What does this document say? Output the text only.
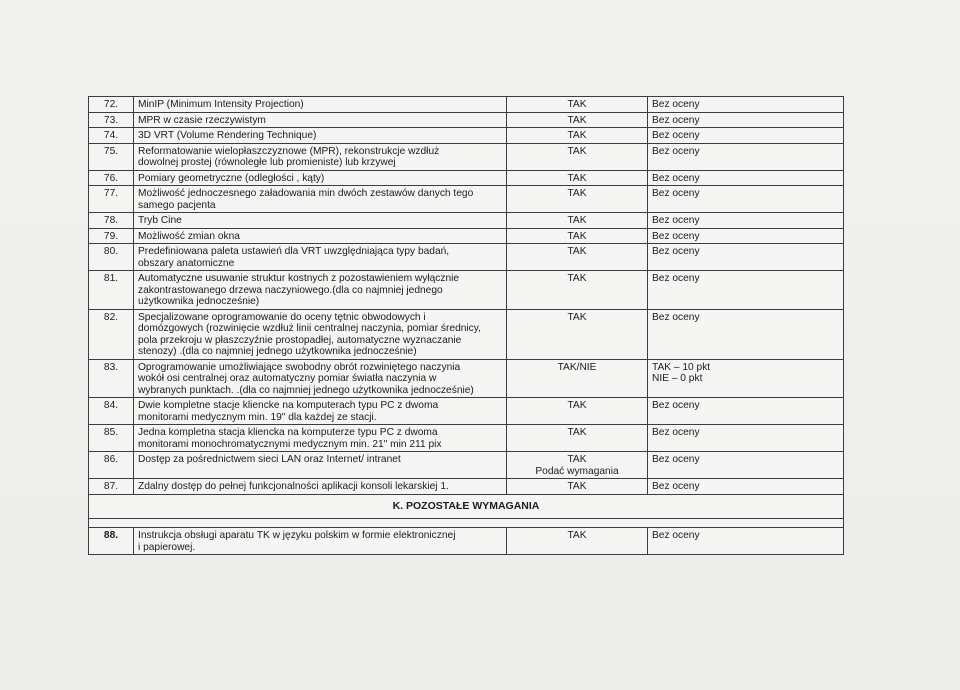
72.	MinIP (Minimum Intensity Projection)	TAK	Bez oceny

73.	MPR w czasie rzeczywistym	TAK	Bez oceny

74.	3D VRT (Volume Rendering Technique)	TAK	Bez oceny

75.	Reformatowanie wielopłaszczyznowe (MPR), rekonstrukcje wzdłuż
dowolnej prostej (równoległe lub promieniste) lub krzywej	TAK	Bez oceny

76.	Pomiary geometryczne (odległości , kąty)	TAK	Bez oceny

77.	Możliwość jednoczesnego załadowania min dwóch zestawów danych tego
samego pacjenta	TAK	Bez oceny

78.	Tryb Cine	TAK	Bez oceny

79.	Możliwość zmian okna	TAK	Bez oceny

80.	Predefiniowana paleta ustawień dla VRT uwzględniająca typy badań,
obszary anatomiczne	TAK	Bez oceny

81.	Automatyczne usuwanie struktur kostnych z pozostawieniem wyłącznie
zakontrastowanego drzewa naczyniowego.(dla co najmniej jednego
użytkownika jednocześnie)	TAK	Bez oceny

82.	Specjalizowane oprogramowanie do oceny tętnic obwodowych i
domózgowych (rozwinięcie wzdłuż linii centralnej naczynia, pomiar średnicy,
pola przekroju w płaszczyźnie prostopadłej, automatyczne wyznaczanie
stenozy) .(dla co najmniej jednego użytkownika jednocześnie)	TAK	Bez oceny

83.	Oprogramowanie umożliwiające swobodny obrót rozwiniętego naczynia
wokół osi centralnej oraz automatyczny pomiar światła naczynia w
wybranych punktach. .(dla co najmniej jednego użytkownika jednocześnie)	TAK/NIE	TAK – 10 pkt
NIE – 0 pkt

84.	Dwie kompletne stacje kliencke na komputerach typu PC z dwoma
monitorami medycznym min. 19" dla każdej ze stacji.	TAK	Bez oceny

85.	Jedna kompletna stacja kliencka na komputerze typu PC z dwoma
monitorami monochromatycznymi medycznym min. 21" min 211 pix	TAK	Bez oceny

86.	Dostęp za pośrednictwem sieci LAN oraz Internet/ intranet	TAK
Podać wymagania	Bez oceny

87.	Zdalny dostęp do pełnej funkcjonalności aplikacji konsoli lekarskiej 1.	TAK	Bez oceny

K. POZOSTAŁE WYMAGANIA			

88.	Instrukcja obsługi aparatu TK w języku polskim w formie elektronicznej
i papierowej.	TAK	Bez oceny
